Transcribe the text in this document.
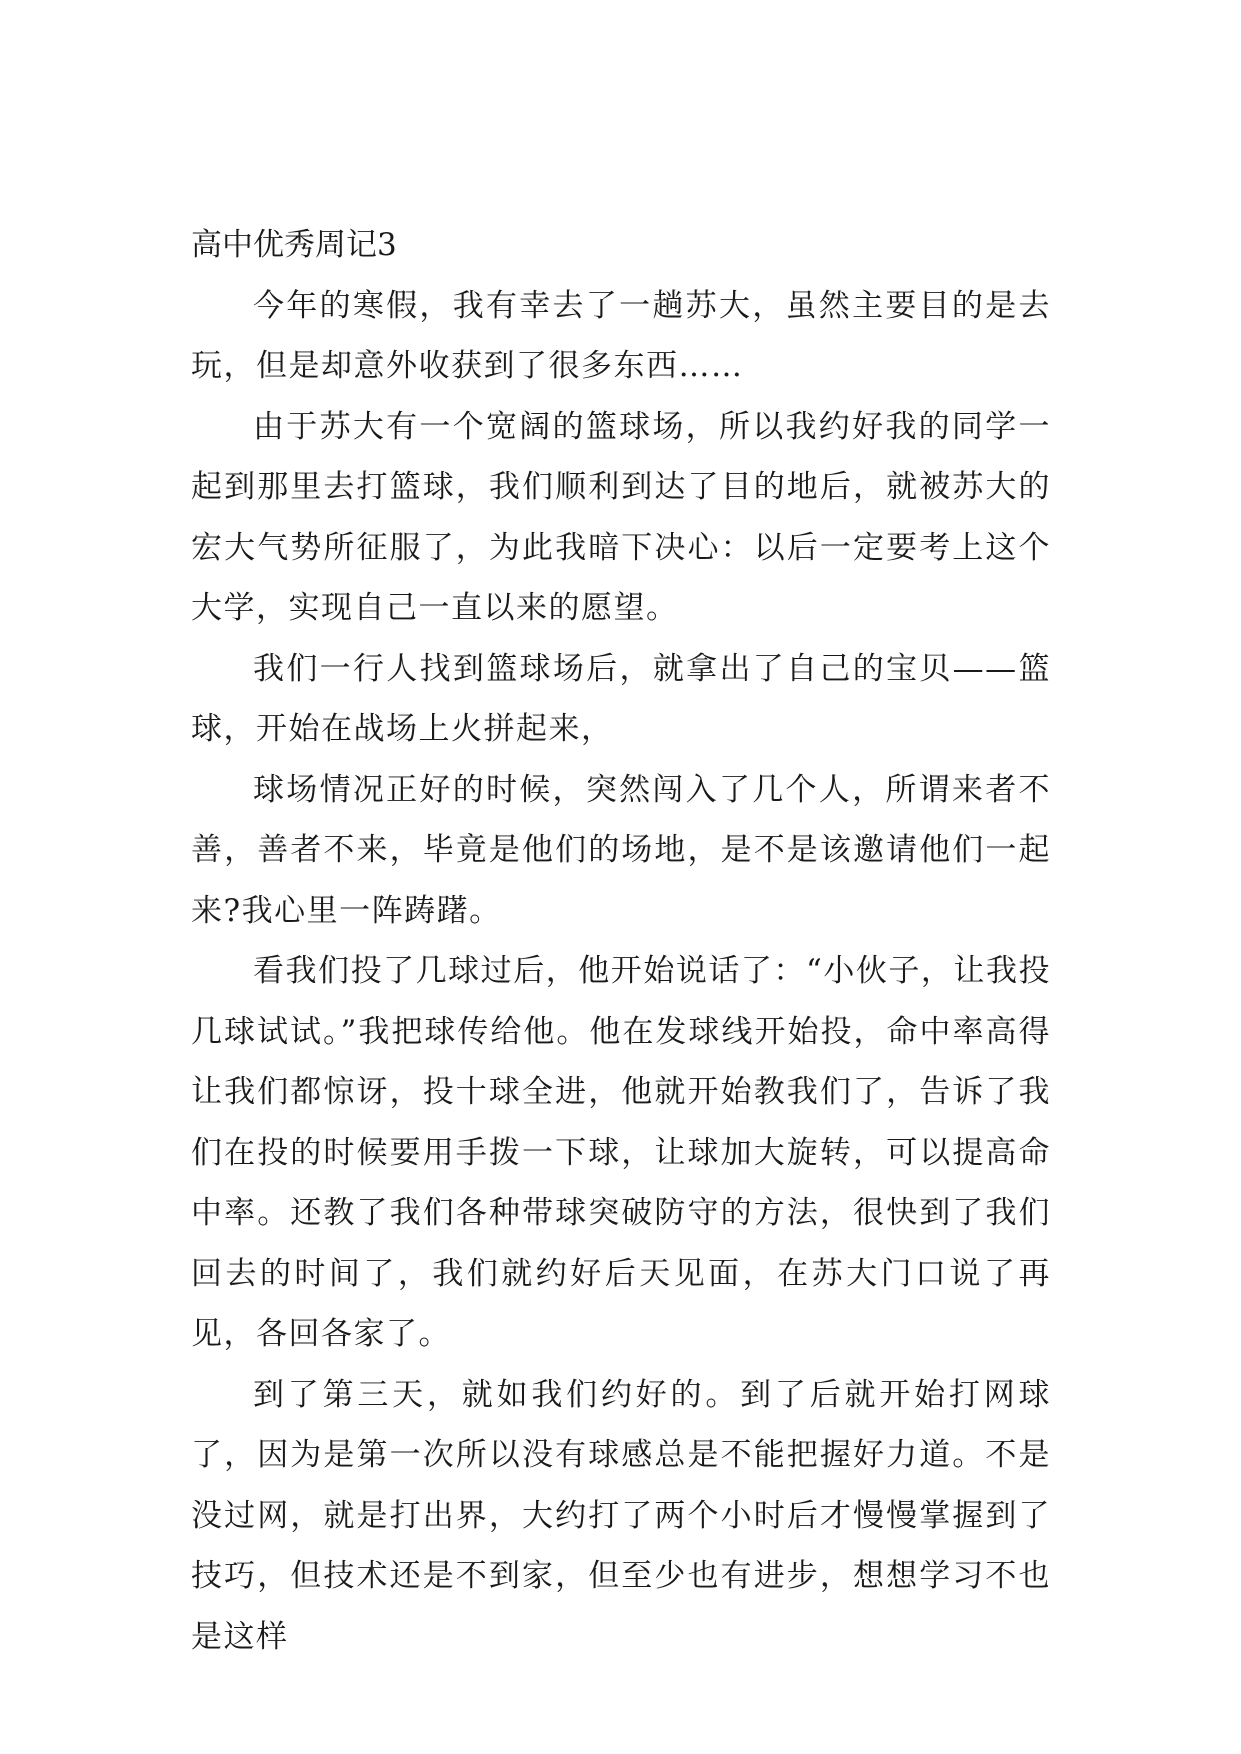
高中优秀周记3

今年的寒假，我有幸去了一趟苏大，虽然主要目的是去玩，但是却意外收获到了很多东西……

由于苏大有一个宽阔的篮球场，所以我约好我的同学一起到那里去打篮球，我们顺利到达了目的地后，就被苏大的宏大气势所征服了，为此我暗下决心：以后一定要考上这个大学，实现自己一直以来的愿望。

我们一行人找到篮球场后，就拿出了自己的宝贝——篮球，开始在战场上火拼起来，

球场情况正好的时候，突然闯入了几个人，所谓来者不善，善者不来，毕竟是他们的场地，是不是该邀请他们一起来?我心里一阵踌躇。

看我们投了几球过后，他开始说话了：“小伙子，让我投几球试试。”我把球传给他。他在发球线开始投，命中率高得让我们都惊讶，投十球全进，他就开始教我们了，告诉了我们在投的时候要用手拨一下球，让球加大旋转，可以提高命中率。还教了我们各种带球突破防守的方法，很快到了我们回去的时间了，我们就约好后天见面，在苏大门口说了再见，各回各家了。

到了第三天，就如我们约好的。到了后就开始打网球了，因为是第一次所以没有球感总是不能把握好力道。不是没过网，就是打出界，大约打了两个小时后才慢慢掌握到了技巧，但技术还是不到家，但至少也有进步，想想学习不也是这样
